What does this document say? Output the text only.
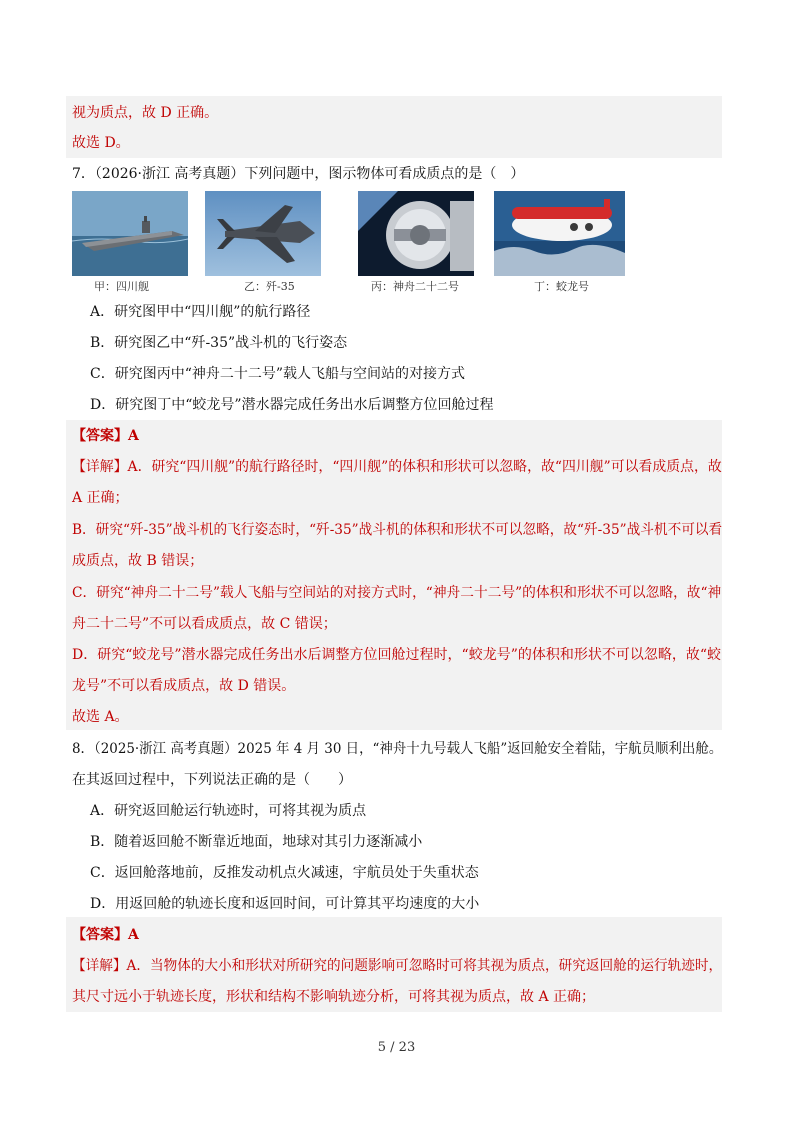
视为质点，故 D 正确。
故选 D。
7．（2026·浙江 高考真题）下列问题中，图示物体可看成质点的是（　）
甲：四川舰	乙：歼-35	丙：神舟二十二号	丁：蛟龙号
A．研究图甲中“四川舰”的航行路径
B．研究图乙中“歼-35”战斗机的飞行姿态
C．研究图丙中“神舟二十二号”载人飞船与空间站的对接方式
D．研究图丁中“蛟龙号”潜水器完成任务出水后调整方位回舱过程
【答案】A
【详解】A．研究“四川舰”的航行路径时，“四川舰”的体积和形状可以忽略，故“四川舰”可以看成质点，故
A 正确；
B．研究“歼-35”战斗机的飞行姿态时，“歼-35”战斗机的体积和形状不可以忽略，故“歼-35”战斗机不可以看
成质点，故 B 错误；
C．研究“神舟二十二号”载人飞船与空间站的对接方式时，“神舟二十二号”的体积和形状不可以忽略，故“神
舟二十二号”不可以看成质点，故 C 错误；
D．研究“蛟龙号”潜水器完成任务出水后调整方位回舱过程时，“蛟龙号”的体积和形状不可以忽略，故“蛟
龙号”不可以看成质点，故 D 错误。
故选 A。
8．（2025·浙江 高考真题）2025 年 4 月 30 日，“神舟十九号载人飞船”返回舱安全着陆，宇航员顺利出舱。
在其返回过程中，下列说法正确的是（　　）
A．研究返回舱运行轨迹时，可将其视为质点
B．随着返回舱不断靠近地面，地球对其引力逐渐减小
C．返回舱落地前，反推发动机点火减速，宇航员处于失重状态
D．用返回舱的轨迹长度和返回时间，可计算其平均速度的大小
【答案】A
【详解】A．当物体的大小和形状对所研究的问题影响可忽略时可将其视为质点，研究返回舱的运行轨迹时，
其尺寸远小于轨迹长度，形状和结构不影响轨迹分析，可将其视为质点，故 A 正确；
5 / 23
